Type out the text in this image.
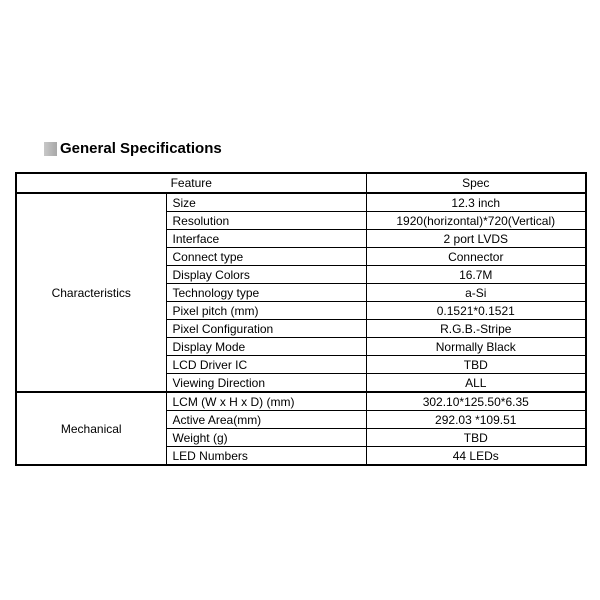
General Specifications
Feature		Spec
Characteristics	Size	12.3 inch
	Resolution	1920(horizontal)*720(Vertical)
	Interface	2 port LVDS
	Connect type	Connector
	Display Colors	16.7M
	Technology type	a-Si
	Pixel pitch (mm)	0.1521*0.1521
	Pixel Configuration	R.G.B.-Stripe
	Display Mode	Normally Black
	LCD Driver IC	TBD
	Viewing Direction	ALL
Mechanical	LCM (W x H x D) (mm)	302.10*125.50*6.35
	Active Area(mm)	292.03 *109.51
	Weight (g)	TBD
	LED Numbers	44 LEDs
